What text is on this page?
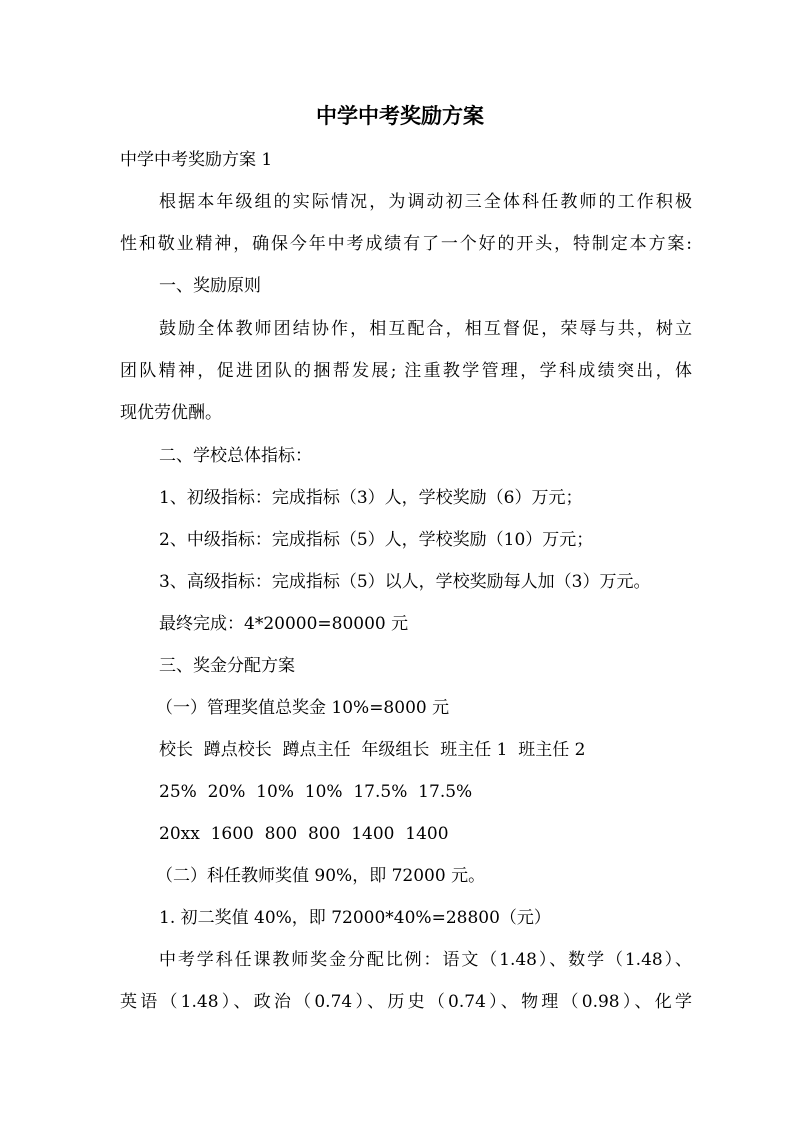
中学中考奖励方案

中学中考奖励方案 1

根据本年级组的实际情况，为调动初三全体科任教师的工作积极

性和敬业精神，确保今年中考成绩有了一个好的开头，特制定本方案:

一、奖励原则

鼓励全体教师团结协作，相互配合，相互督促，荣辱与共，树立

团队精神，促进团队的捆帮发展; 注重教学管理，学科成绩突出，体

现优劳优酬。

二、学校总体指标：

1、初级指标：完成指标（3）人，学校奖励（6）万元；

2、中级指标：完成指标（5）人，学校奖励（10）万元；

3、高级指标：完成指标（5）以人，学校奖励每人加（3）万元。

最终完成：4*20000=80000 元

三、奖金分配方案

（一）管理奖值总奖金 10%=8000 元

校长  蹲点校长  蹲点主任  年级组长  班主任 1  班主任 2

25%  20%  10%  10%  17.5%  17.5%

20xx  1600  800  800  1400  1400

（二）科任教师奖值 90%，即 72000 元。

1. 初二奖值 40%，即 72000*40%=28800（元）

中考学科任课教师奖金分配比例：语文（1.48）、数学（1.48）、

英语（1.48）、政治（0.74）、历史（0.74）、物理（0.98）、化学
